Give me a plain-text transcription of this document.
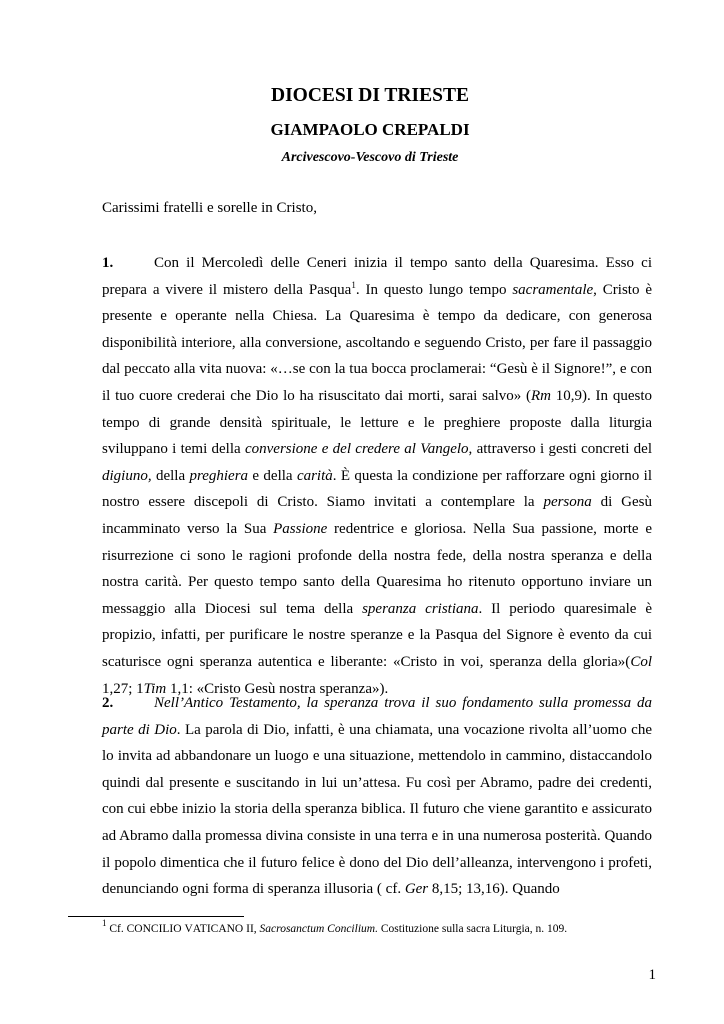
DIOCESI DI TRIESTE
GIAMPAOLO CREPALDI
Arcivescovo-Vescovo di Trieste
Carissimi fratelli e sorelle in Cristo,
1.	Con il Mercoledì delle Ceneri inizia il tempo santo della Quaresima. Esso ci prepara a vivere il mistero della Pasqua$^1$. In questo lungo tempo sacramentale, Cristo è presente e operante nella Chiesa. La Quaresima è tempo da dedicare, con generosa disponibilità interiore, alla conversione, ascoltando e seguendo Cristo, per fare il passaggio dal peccato alla vita nuova: «…se con la tua bocca proclamerai: “Gesù è il Signore!”, e con il tuo cuore crederai che Dio lo ha risuscitato dai morti, sarai salvo» (Rm 10,9). In questo tempo di grande densità spirituale, le letture e le preghiere proposte dalla liturgia sviluppano i temi della conversione e del credere al Vangelo, attraverso i gesti concreti del digiuno, della preghiera e della carità. È questa la condizione per rafforzare ogni giorno il nostro essere discepoli di Cristo. Siamo invitati a contemplare la persona di Gesù incamminato verso la Sua Passione redentrice e gloriosa. Nella Sua passione, morte e risurrezione ci sono le ragioni profonde della nostra fede, della nostra speranza e della nostra carità. Per questo tempo santo della Quaresima ho ritenuto opportuno inviare un messaggio alla Diocesi sul tema della speranza cristiana. Il periodo quaresimale è propizio, infatti, per purificare le nostre speranze e la Pasqua del Signore è evento da cui scaturisce ogni speranza autentica e liberante: «Cristo in voi, speranza della gloria»(Col 1,27; 1Tim 1,1: «Cristo Gesù nostra speranza»).
2.	Nell’Antico Testamento, la speranza trova il suo fondamento sulla promessa da parte di Dio. La parola di Dio, infatti, è una chiamata, una vocazione rivolta all’uomo che lo invita ad abbandonare un luogo e una situazione, mettendolo in cammino, distaccandolo quindi dal presente e suscitando in lui un’attesa. Fu così per Abramo, padre dei credenti, con cui ebbe inizio la storia della speranza biblica. Il futuro che viene garantito e assicurato ad Abramo dalla promessa divina consiste in una terra e in una numerosa posterità. Quando il popolo dimentica che il futuro felice è dono del Dio dell’alleanza, intervengono i profeti, denunciando ogni forma di speranza illusoria ( cf. Ger 8,15; 13,16). Quando
$^1$ Cf. CONCILIO VATICANO II, Sacrosanctum Concilium. Costituzione sulla sacra Liturgia, n. 109.
1
